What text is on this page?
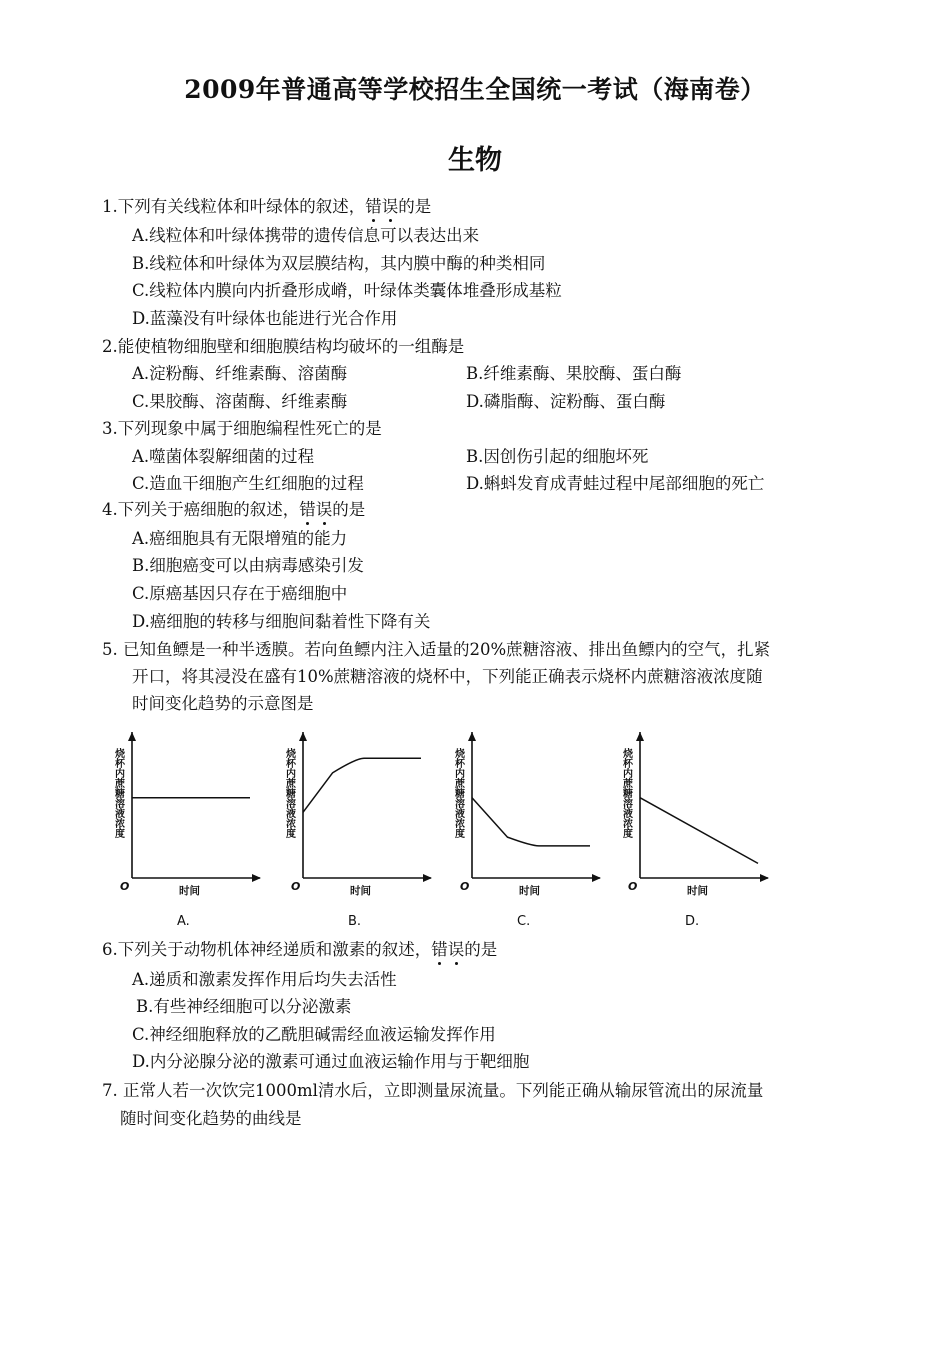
2009年普通高等学校招生全国统一考试（海南卷）
生物
1.下列有关线粒体和叶绿体的叙述，错误的是
A.线粒体和叶绿体携带的遗传信息可以表达出来
B.线粒体和叶绿体为双层膜结构，其内膜中酶的种类相同
C.线粒体内膜向内折叠形成嵴，叶绿体类囊体堆叠形成基粒
D.蓝藻没有叶绿体也能进行光合作用
2.能使植物细胞壁和细胞膜结构均破坏的一组酶是
A.淀粉酶、纤维素酶、溶菌酶	B.纤维素酶、果胶酶、蛋白酶
C.果胶酶、溶菌酶、纤维素酶	D.磷脂酶、淀粉酶、蛋白酶
3.下列现象中属于细胞编程性死亡的是
A.噬菌体裂解细菌的过程	B.因创伤引起的细胞坏死
C.造血干细胞产生红细胞的过程	D.蝌蚪发育成青蛙过程中尾部细胞的死亡
4.下列关于癌细胞的叙述，错误的是
A.癌细胞具有无限增殖的能力
B.细胞癌变可以由病毒感染引发
C.原癌基因只存在于癌细胞中
D.癌细胞的转移与细胞间黏着性下降有关
5. 已知鱼鳔是一种半透膜。若向鱼鳔内注入适量的20%蔗糖溶液、排出鱼鳔内的空气，扎紧
开口，将其浸没在盛有10%蔗糖溶液的烧杯中，下列能正确表示烧杯内蔗糖溶液浓度随
时间变化趋势的示意图是
O
烧杯内蔗糖溶液浓度
时间
A.
O
烧杯内蔗糖溶液浓度
时间
B.
O
烧杯内蔗糖溶液浓度
时间
C.
O
烧杯内蔗糖溶液浓度
时间
D.
6.下列关于动物机体神经递质和激素的叙述，错误的是
A.递质和激素发挥作用后均失去活性
B.有些神经细胞可以分泌激素
C.神经细胞释放的乙酰胆碱需经血液运输发挥作用
D.内分泌腺分泌的激素可通过血液运输作用与于靶细胞
7. 正常人若一次饮完1000ml清水后，立即测量尿流量。下列能正确从输尿管流出的尿流量
随时间变化趋势的曲线是
